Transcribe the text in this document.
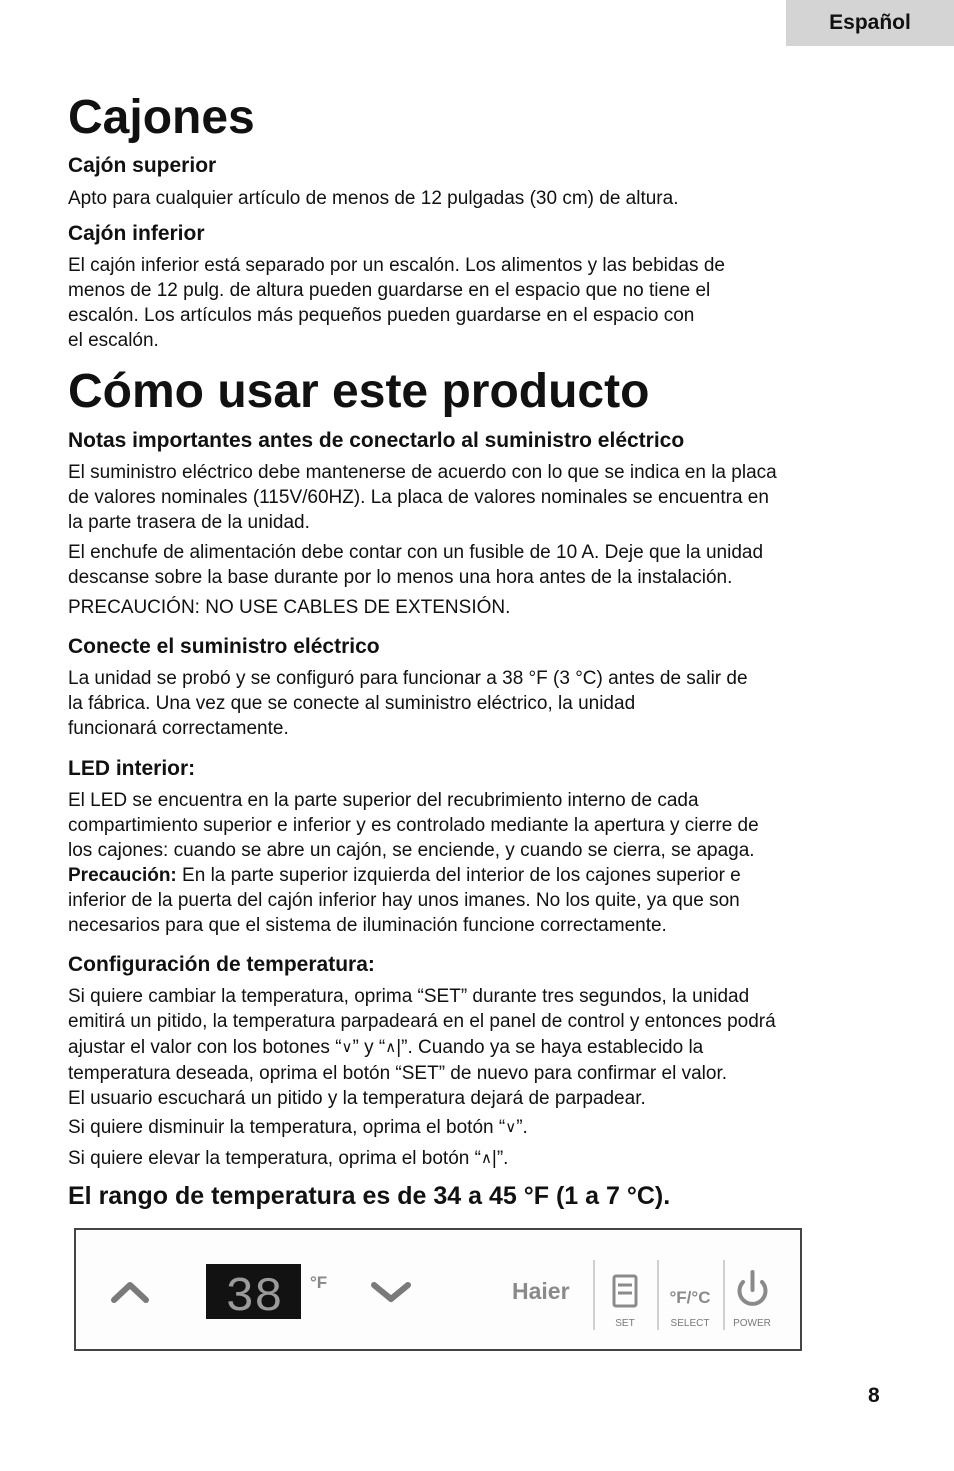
Español
Cajones
Cajón superior
Apto para cualquier artículo de menos de 12 pulgadas (30 cm) de altura.
Cajón inferior
El cajón inferior está separado por un escalón. Los alimentos y las bebidas de
menos de 12 pulg. de altura pueden guardarse en el espacio que no tiene el
escalón. Los artículos más pequeños pueden guardarse en el espacio con
el escalón.
Cómo usar este producto
Notas importantes antes de conectarlo al suministro eléctrico
El suministro eléctrico debe mantenerse de acuerdo con lo que se indica en la placa
de valores nominales (115V/60HZ). La placa de valores nominales se encuentra en
la parte trasera de la unidad.
El enchufe de alimentación debe contar con un fusible de 10 A. Deje que la unidad
descanse sobre la base durante por lo menos una hora antes de la instalación.
PRECAUCIÓN: NO USE CABLES DE EXTENSIÓN.
Conecte el suministro eléctrico
La unidad se probó y se configuró para funcionar a 38 °F (3 °C) antes de salir de
la fábrica. Una vez que se conecte al suministro eléctrico, la unidad
funcionará correctamente.
LED interior:
El LED se encuentra en la parte superior del recubrimiento interno de cada
compartimiento superior e inferior y es controlado mediante la apertura y cierre de
los cajones: cuando se abre un cajón, se enciende, y cuando se cierra, se apaga.
Precaución: En la parte superior izquierda del interior de los cajones superior e
inferior de la puerta del cajón inferior hay unos imanes. No los quite, ya que son
necesarios para que el sistema de iluminación funcione correctamente.
Configuración de temperatura:
Si quiere cambiar la temperatura, oprima “SET” durante tres segundos, la unidad
emitirá un pitido, la temperatura parpadeará en el panel de control y entonces podrá
ajustar el valor con los botones “∨” y “∧|”. Cuando ya se haya establecido la
temperatura deseada, oprima el botón “SET” de nuevo para confirmar el valor.
El usuario escuchará un pitido y la temperatura dejará de parpadear.
Si quiere disminuir la temperatura, oprima el botón “∨”.
Si quiere elevar la temperatura, oprima el botón “∧|”.
El rango de temperatura es de 34 a 45 °F (1 a 7 °C).
38 °F	Haier
SET
°F/°C
SELECT POWER
8
